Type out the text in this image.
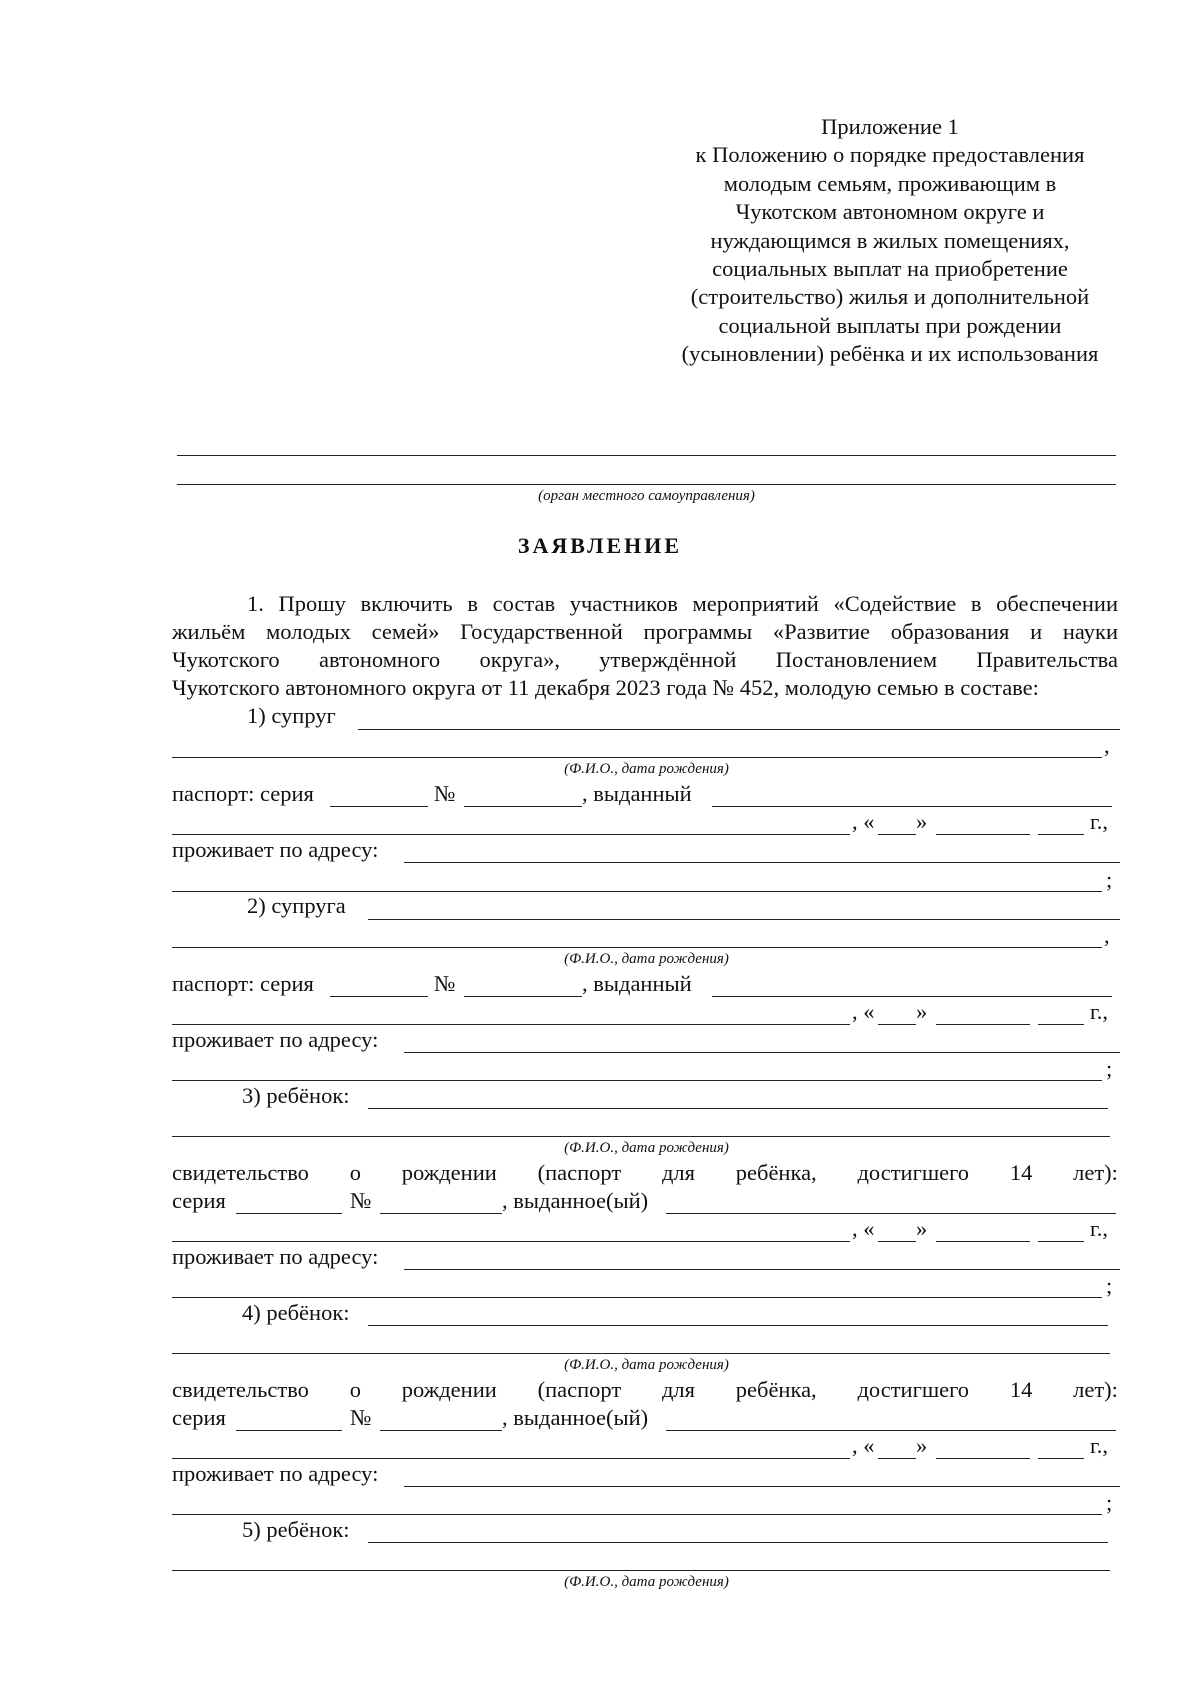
Приложение 1
к Положению о порядке предоставления
молодым семьям, проживающим в
Чукотском автономном округе и
нуждающимся в жилых помещениях,
социальных выплат на приобретение
(строительство) жилья и дополнительной
социальной выплаты при рождении
(усыновлении) ребёнка и их использования
(орган местного самоуправления)
ЗАЯВЛЕНИЕ
1. Прошу включить в состав участников мероприятий «Содействие в обеспечении
жильём молодых семей» Государственной программы «Развитие образования и науки
Чукотского автономного округа», утверждённой Постановлением Правительства
Чукотского автономного округа от 11 декабря 2023 года № 452, молодую семью в составе:
1) супруг
,
(Ф.И.О., дата рождения)
паспорт: серия	№	, выданный
, « »	г.,
проживает по адресу:
;
2) супруга
,
(Ф.И.О., дата рождения)
паспорт: серия	№	, выданный
, « »	г.,
проживает по адресу:
;
3) ребёнок:
(Ф.И.О., дата рождения)
свидетельство о рождении (паспорт для ребёнка, достигшего 14 лет):
серия	№	, выданное(ый)
, « »	г.,
проживает по адресу:
;
4) ребёнок:
(Ф.И.О., дата рождения)
свидетельство о рождении (паспорт для ребёнка, достигшего 14 лет):
серия	№	, выданное(ый)
, « »	г.,
проживает по адресу:
;
5) ребёнок:
(Ф.И.О., дата рождения)
